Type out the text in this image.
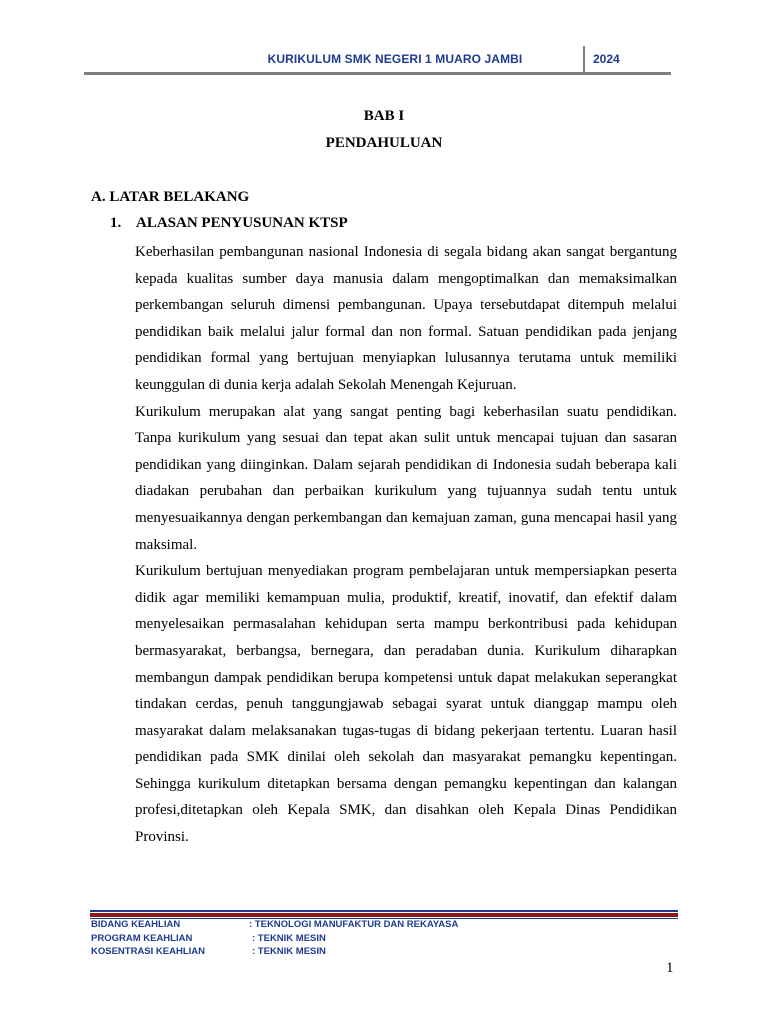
KURIKULUM SMK NEGERI 1 MUARO JAMBI	2024
BAB I
PENDAHULUAN
A. LATAR BELAKANG
1. ALASAN PENYUSUNAN KTSP

Keberhasilan pembangunan nasional Indonesia di segala bidang akan sangat bergantung kepada kualitas sumber daya manusia dalam mengoptimalkan dan memaksimalkan perkembangan seluruh dimensi pembangunan. Upaya tersebutdapat ditempuh melalui pendidikan baik melalui jalur formal dan non formal. Satuan pendidikan pada jenjang pendidikan formal yang bertujuan menyiapkan lulusannya terutama untuk memiliki keunggulan di dunia kerja adalah Sekolah Menengah Kejuruan.

Kurikulum merupakan alat yang sangat penting bagi keberhasilan suatu pendidikan. Tanpa kurikulum yang sesuai dan tepat akan sulit untuk mencapai tujuan dan sasaran pendidikan yang diinginkan. Dalam sejarah pendidikan di Indonesia sudah beberapa kali diadakan perubahan dan perbaikan kurikulum yang tujuannya sudah tentu untuk menyesuaikannya dengan perkembangan dan kemajuan zaman, guna mencapai hasil yang maksimal.

Kurikulum bertujuan menyediakan program pembelajaran untuk mempersiapkan peserta didik agar memiliki kemampuan mulia, produktif, kreatif, inovatif, dan efektif dalam menyelesaikan permasalahan kehidupan serta mampu berkontribusi pada kehidupan bermasyarakat, berbangsa, bernegara, dan peradaban dunia. Kurikulum diharapkan membangun dampak pendidikan berupa kompetensi untuk dapat melakukan seperangkat tindakan cerdas, penuh tanggungjawab sebagai syarat untuk dianggap mampu oleh masyarakat dalam melaksanakan tugas-tugas di bidang pekerjaan tertentu. Luaran hasil pendidikan pada SMK dinilai oleh sekolah dan masyarakat pemangku kepentingan. Sehingga kurikulum ditetapkan bersama dengan pemangku kepentingan dan kalangan profesi,ditetapkan oleh Kepala SMK, dan disahkan oleh Kepala Dinas Pendidikan Provinsi.

BIDANG KEAHLIAN	: TEKNOLOGI MANUFAKTUR DAN REKAYASA
PROGRAM KEAHLIAN	: TEKNIK MESIN
KOSENTRASI KEAHLIAN	: TEKNIK MESIN
1
